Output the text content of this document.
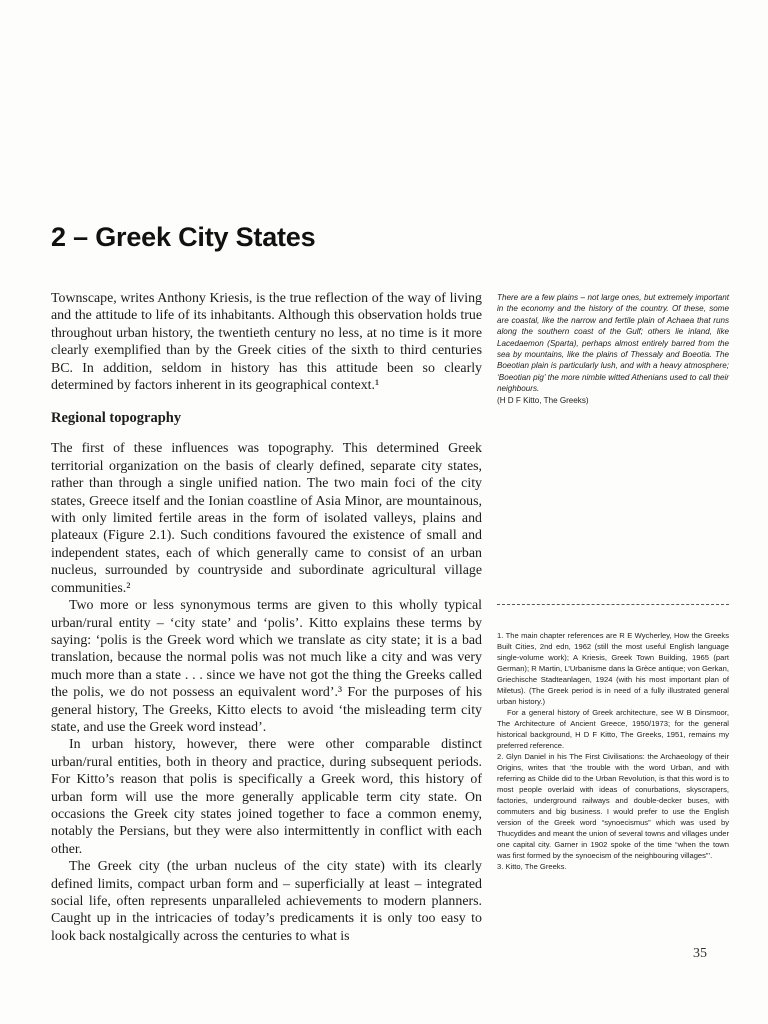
2 – Greek City States

Townscape, writes Anthony Kriesis, is the true reflection of the way of living and the attitude to life of its inhabitants. Although this observation holds true throughout urban history, the twentieth century no less, at no time is it more clearly exemplified than by the Greek cities of the sixth to third centuries BC. In addition, seldom in history has this attitude been so clearly determined by factors inherent in its geographical context.¹

Regional topography

The first of these influences was topography. This determined Greek territorial organization on the basis of clearly defined, separate city states, rather than through a single unified nation. The two main foci of the city states, Greece itself and the Ionian coastline of Asia Minor, are mountainous, with only limited fertile areas in the form of isolated valleys, plains and plateaux (Figure 2.1). Such conditions favoured the existence of small and independent states, each of which generally came to consist of an urban nucleus, surrounded by countryside and subordinate agricultural village communities.²

Two more or less synonymous terms are given to this wholly typical urban/rural entity – ‘city state’ and ‘polis’. Kitto explains these terms by saying: ‘polis is the Greek word which we translate as city state; it is a bad translation, because the normal polis was not much like a city and was very much more than a state . . . since we have not got the thing the Greeks called the polis, we do not possess an equivalent word’.³ For the purposes of his general history, The Greeks, Kitto elects to avoid ‘the misleading term city state, and use the Greek word instead’.

In urban history, however, there were other comparable distinct urban/rural entities, both in theory and practice, during subsequent periods. For Kitto’s reason that polis is specifically a Greek word, this history of urban form will use the more generally applicable term city state. On occasions the Greek city states joined together to face a common enemy, notably the Persians, but they were also intermittently in conflict with each other.

The Greek city (the urban nucleus of the city state) with its clearly defined limits, compact urban form and – superficially at least – integrated social life, often represents unparalleled achievements to modern planners. Caught up in the intricacies of today’s predicaments it is only too easy to look back nostalgically across the centuries to what is

There are a few plains – not large ones, but extremely important in the economy and the history of the country. Of these, some are coastal, like the narrow and fertile plain of Achaea that runs along the southern coast of the Gulf; others lie inland, like Lacedaemon (Sparta), perhaps almost entirely barred from the sea by mountains, like the plains of Thessaly and Boeotia. The Boeotian plain is particularly lush, and with a heavy atmosphere; ‘Boeotian pig’ the more nimble witted Athenians used to call their neighbours.

(H D F Kitto, The Greeks)

1. The main chapter references are R E Wycherley, How the Greeks Built Cities, 2nd edn, 1962 (still the most useful English language single-volume work); A Kriesis, Greek Town Building, 1965 (part German); R Martin, L’Urbanisme dans la Grèce antique; von Gerkan, Griechische Stadteanlagen, 1924 (with his most important plan of Miletus). (The Greek period is in need of a fully illustrated general urban history.)

For a general history of Greek architecture, see W B Dinsmoor, The Architecture of Ancient Greece, 1950/1973; for the general historical background, H D F Kitto, The Greeks, 1951, remains my preferred reference.

2. Glyn Daniel in his The First Civilisations: the Archaeology of their Origins, writes that ‘the trouble with the word Urban, and with referring as Childe did to the Urban Revolution, is that this word is to most people overlaid with ideas of conurbations, skyscrapers, factories, underground railways and double-decker buses, with commuters and big business. I would prefer to use the English version of the Greek word “synoecismus” which was used by Thucydides and meant the union of several towns and villages under one capital city. Garner in 1902 spoke of the time “when the town was first formed by the synoecism of the neighbouring villages”’.

3. Kitto, The Greeks.

35
